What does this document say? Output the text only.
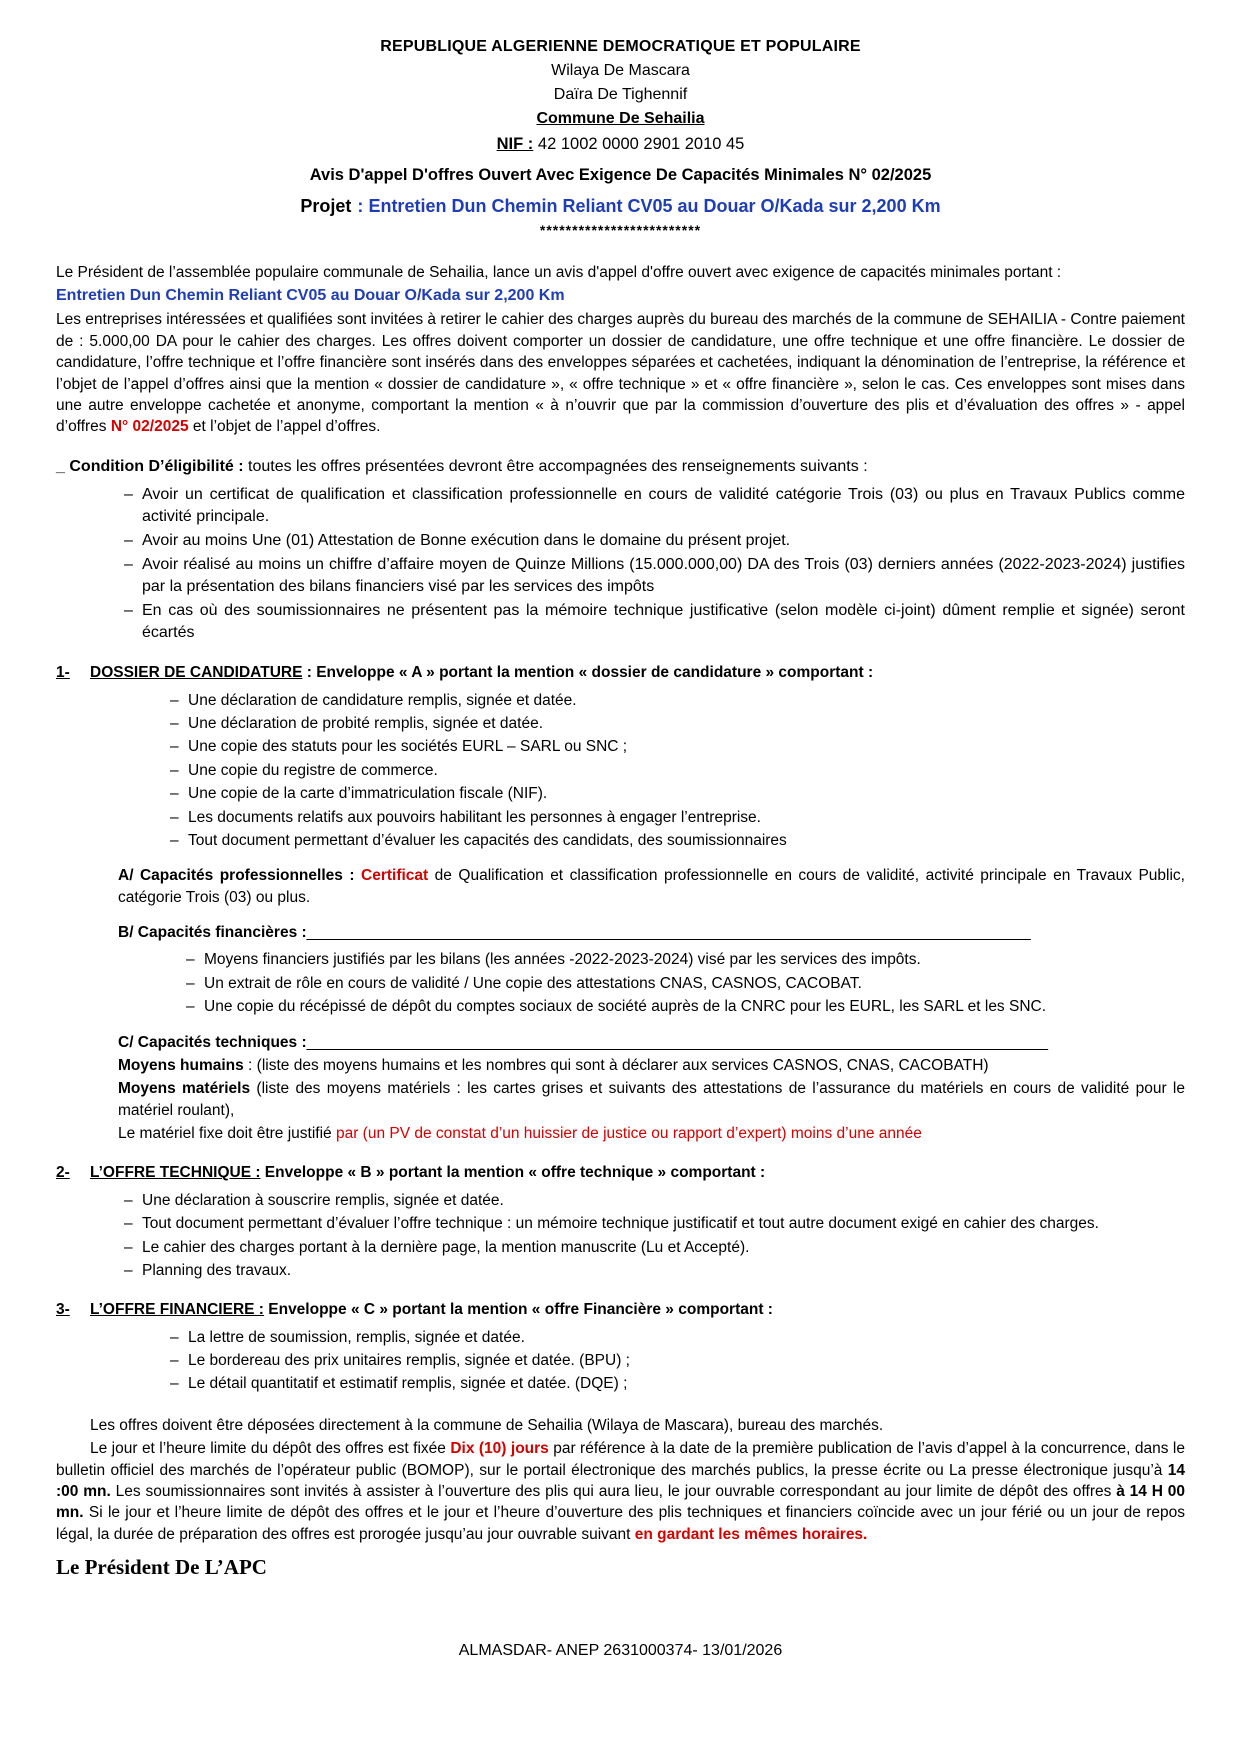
REPUBLIQUE ALGERIENNE DEMOCRATIQUE ET POPULAIRE

Wilaya De Mascara

Daïra De Tighennif

Commune De Sehailia

NIF : 42 1002 0000 2901 2010 45

Avis D'appel D'offres Ouvert Avec Exigence De Capacités Minimales N° 02/2025

Projet : Entretien Dun Chemin Reliant CV05 au Douar O/Kada sur 2,200 Km

*************************

Le Président de l’assemblée populaire communale de Sehailia, lance un avis d'appel d'offre ouvert avec exigence de capacités minimales portant :

Entretien Dun Chemin Reliant CV05 au Douar O/Kada sur 2,200 Km

Les entreprises intéressées et qualifiées sont invitées à retirer le cahier des charges auprès du bureau des marchés de la commune de SEHAILIA - Contre paiement de : 5.000,00 DA pour le cahier des charges. Les offres doivent comporter un dossier de candidature, une offre technique et une offre financière. Le dossier de candidature, l’offre technique et l’offre financière sont insérés dans des enveloppes séparées et cachetées, indiquant la dénomination de l’entreprise, la référence et l’objet de l’appel d’offres ainsi que la mention « dossier de candidature », « offre technique » et « offre financière », selon le cas. Ces enveloppes sont mises dans une autre enveloppe cachetée et anonyme, comportant la mention « à n’ouvrir que par la commission d’ouverture des plis et d’évaluation des offres » - appel d’offres N° 02/2025 et l’objet de l’appel d’offres.

_ Condition D’éligibilité : toutes les offres présentées devront être accompagnées des renseignements suivants :

– Avoir un certificat de qualification et classification professionnelle en cours de validité catégorie Trois (03) ou plus en Travaux Publics comme activité principale.
– Avoir au moins Une (01) Attestation de Bonne exécution dans le domaine du présent projet.
– Avoir réalisé au moins un chiffre d’affaire moyen de Quinze Millions (15.000.000,00) DA des Trois (03) derniers années (2022-2023-2024) justifies par la présentation des bilans financiers visé par les services des impôts
– En cas où des soumissionnaires ne présentent pas la mémoire technique justificative (selon modèle ci-joint) dûment remplie et signée) seront écartés
1-	DOSSIER DE CANDIDATURE : Enveloppe « A » portant la mention « dossier de candidature » comportant :
– Une déclaration de candidature remplis, signée et datée.
– Une déclaration de probité remplis, signée et datée.
– Une copie des statuts pour les sociétés EURL – SARL ou SNC ;
– Une copie du registre de commerce.
– Une copie de la carte d’immatriculation fiscale (NIF).
– Les documents relatifs aux pouvoirs habilitant les personnes à engager l’entreprise.
– Tout document permettant d’évaluer les capacités des candidats, des soumissionnaires

A/ Capacités professionnelles : Certificat de Qualification et classification professionnelle en cours de validité, activité principale en Travaux Public, catégorie Trois (03) ou plus.

B/ Capacités financières :____________________________________________________________________________________

– Moyens financiers justifiés par les bilans (les années -2022-2023-2024) visé par les services des impôts.
– Un extrait de rôle en cours de validité / Une copie des attestations CNAS, CASNOS, CACOBAT.
– Une copie du récépissé de dépôt du comptes sociaux de société auprès de la CNRC pour les EURL, les SARL et les SNC.

C/ Capacités techniques :______________________________________________________________________________________

Moyens humains : (liste des moyens humains et les nombres qui sont à déclarer aux services CASNOS, CNAS, CACOBATH)

Moyens matériels (liste des moyens matériels : les cartes grises et suivants des attestations de l’assurance du matériels en cours de validité pour le matériel roulant),

Le matériel fixe doit être justifié par (un PV de constat d’un huissier de justice ou rapport d’expert) moins d’une année

2-	L’OFFRE TECHNIQUE : Enveloppe « B » portant la mention « offre technique » comportant :
– Une déclaration à souscrire remplis, signée et datée.
– Tout document permettant d’évaluer l’offre technique : un mémoire technique justificatif et tout autre document exigé en cahier des charges.
– Le cahier des charges portant à la dernière page, la mention manuscrite (Lu et Accepté).
– Planning des travaux.
3-	L’OFFRE FINANCIERE : Enveloppe « C » portant la mention « offre Financière » comportant :
– La lettre de soumission, remplis, signée et datée.
– Le bordereau des prix unitaires remplis, signée et datée. (BPU) ;
– Le détail quantitatif et estimatif remplis, signée et datée. (DQE) ;

Les offres doivent être déposées directement à la commune de Sehailia (Wilaya de Mascara), bureau des marchés.

Le jour et l’heure limite du dépôt des offres est fixée Dix (10) jours par référence à la date de la première publication de l’avis d’appel à la concurrence, dans le bulletin officiel des marchés de l’opérateur public (BOMOP), sur le portail électronique des marchés publics, la presse écrite ou La presse électronique jusqu’à 14 :00 mn. Les soumissionnaires sont invités à assister à l’ouverture des plis qui aura lieu, le jour ouvrable correspondant au jour limite de dépôt des offres à 14 H 00 mn. Si le jour et l’heure limite de dépôt des offres et le jour et l’heure d’ouverture des plis techniques et financiers coïncide avec un jour férié ou un jour de repos légal, la durée de préparation des offres est prorogée jusqu’au jour ouvrable suivant en gardant les mêmes horaires.

Le Président De L’APC

ALMASDAR- ANEP 2631000374- 13/01/2026
